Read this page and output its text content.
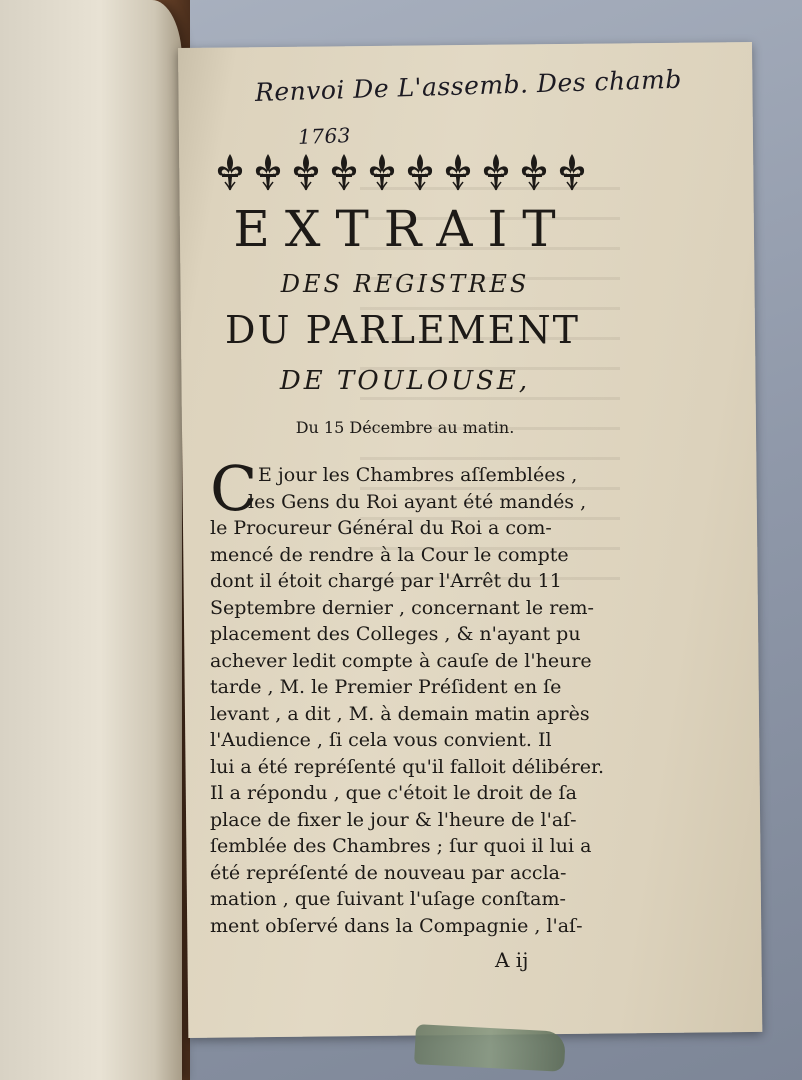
Renvoi De L'assemb. Des chamb

1763

EXTRAIT

DES REGISTRES

DU PARLEMENT

DE TOULOUSE,

Du 15 Décembre au matin.

C E jour les Chambres aſſemblées ,

les Gens du Roi ayant été mandés ,

le Procureur Général du Roi a com-

mencé de rendre à la Cour le compte

dont il étoit chargé par l'Arrêt du 11

Septembre dernier , concernant le rem-

placement des Colleges , & n'ayant pu

achever ledit compte à cauſe de l'heure

tarde , M. le Premier Préſident en ſe

levant , a dit , M. à demain matin après

l'Audience , ſi cela vous convient. Il

lui a été repréſenté qu'il falloit délibérer.

Il a répondu , que c'étoit le droit de ſa

place de fixer le jour & l'heure de l'aſ-

ſemblée des Chambres ; ſur quoi il lui a

été repréſenté de nouveau par accla-

mation , que ſuivant l'uſage conſtam-

ment obſervé dans la Compagnie , l'aſ-

A ij
